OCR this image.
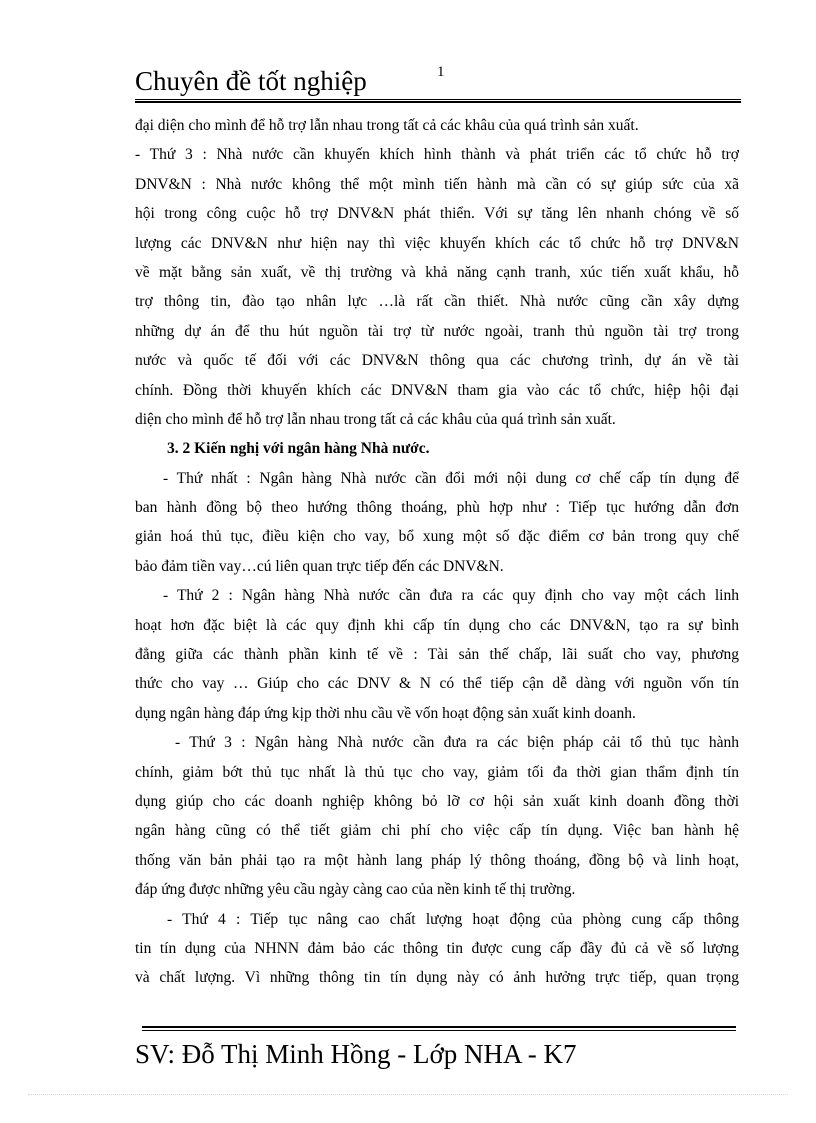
Chuyên đề tốt nghiệp	1
đại diện cho mình để hỗ trợ lẫn nhau trong tất cả các khâu của quá trình sản xuất.
- Thứ 3 : Nhà nước cần khuyến khích hình thành và phát triển các tổ chức hỗ trợ
DNV&N : Nhà nước không thể một mình tiến hành mà cần có sự giúp sức của xã
hội trong công cuộc hỗ trợ DNV&N phát thiển. Với sự tăng lên nhanh chóng về số
lượng các DNV&N như hiện nay thì việc khuyến khích các tổ chức hỗ trợ DNV&N
về mặt bằng sản xuất, về thị trường và khả năng cạnh tranh, xúc tiến xuất khẩu, hỗ
trợ thông tin, đào tạo nhân lực …là rất cần thiết. Nhà nước cũng cần xây dựng
những dự án để thu hút nguồn tài trợ từ nước ngoài, tranh thủ nguồn tài trợ trong
nước và quốc tế đối với các DNV&N thông qua các chương trình, dự án về tài
chính. Đồng thời khuyến khích các DNV&N tham gia vào các tổ chức, hiệp hội đại
diện cho mình để hỗ trợ lẫn nhau trong tất cả các khâu của quá trình sản xuất.
3. 2 Kiến nghị với ngân hàng Nhà nước.
- Thứ nhất : Ngân hàng Nhà nước cần đổi mới nội dung cơ chế cấp tín dụng để
ban hành đồng bộ theo hướng thông thoáng, phù hợp như : Tiếp tục hướng dẫn đơn
giản hoá thủ tục, điều kiện cho vay, bổ xung một số đặc điểm cơ bản trong quy chế
bảo đảm tiền vay…cú liên quan trực tiếp đến các DNV&N.
- Thứ 2 : Ngân hàng Nhà nước cần đưa ra các quy định cho vay một cách linh
hoạt hơn đặc biệt là các quy định khi cấp tín dụng cho các DNV&N, tạo ra sự bình
đẳng giữa các thành phần kinh tế về : Tài sản thế chấp, lãi suất cho vay, phương
thức cho vay … Giúp cho các DNV & N có thể tiếp cận dễ dàng với nguồn vốn tín
dụng ngân hàng đáp ứng kịp thời nhu cầu về vốn hoạt động sản xuất kinh doanh.
- Thứ 3 : Ngân hàng Nhà nước cần đưa ra các biện pháp cải tổ thủ tục hành
chính, giảm bớt thủ tục nhất là thủ tục cho vay, giảm tối đa thời gian thẩm định tín
dụng giúp cho các doanh nghiệp không bỏ lỡ cơ hội sản xuất kinh doanh đồng thời
ngân hàng cũng có thể tiết giảm chi phí cho việc cấp tín dụng. Việc ban hành hệ
thống văn bản phải tạo ra một hành lang pháp lý thông thoáng, đồng bộ và linh hoạt,
đáp ứng được những yêu cầu ngày càng cao của nền kinh tế thị trường.
- Thứ 4 : Tiếp tục nâng cao chất lượng hoạt động của phòng cung cấp thông
tin tín dụng của NHNN đảm bảo các thông tin được cung cấp đầy đủ cả về số lượng
và chất lượng. Vì những thông tin tín dụng này có ảnh hưởng trực tiếp, quan trọng
SV: Đỗ Thị Minh Hồng - Lớp NHA - K7
